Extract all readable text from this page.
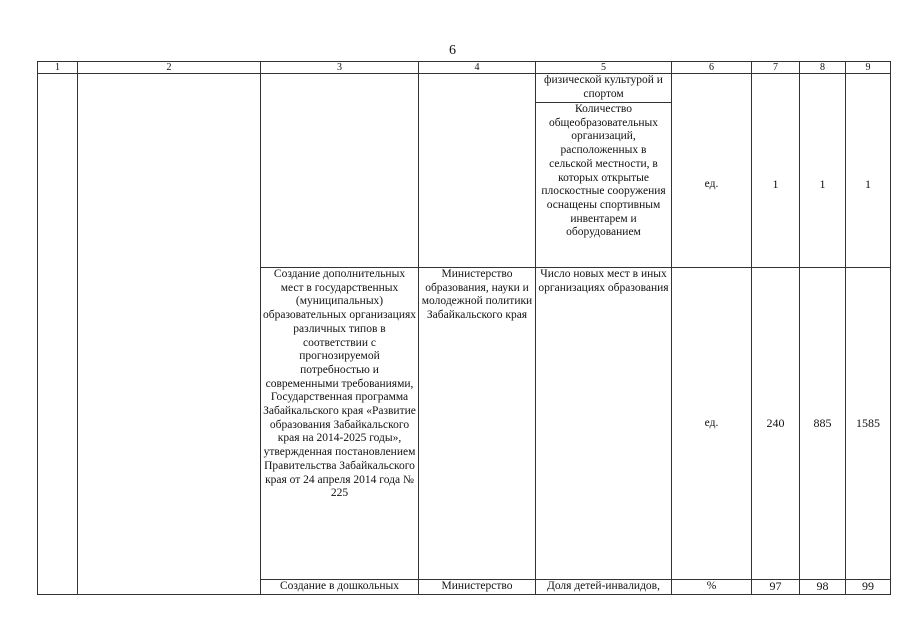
6
1	2	3	4	5	6	7	8	9
				физической культурой и спортом				
				Количество общеобразовательных организаций, расположенных в сельской местности, в которых открытые плоскостные сооружения оснащены спортивным инвентарем и оборудованием	ед.	1	1	1
		Создание дополнительных мест в государственных (муниципальных) образовательных организациях различных типов в соответствии с прогнозируемой потребностью и современными требованиями, Государственная программа Забайкальского края «Развитие образования Забайкальского края на 2014-2025 годы», утвержденная постановлением Правительства Забайкальского края от 24 апреля 2014 года № 225	Министерство образования, науки и молодежной политики Забайкальского края	Число новых мест в иных организациях образования	ед.	240	885	1585
		Создание в дошкольных	Министерство	Доля детей-инвалидов,	%	97	98	99
